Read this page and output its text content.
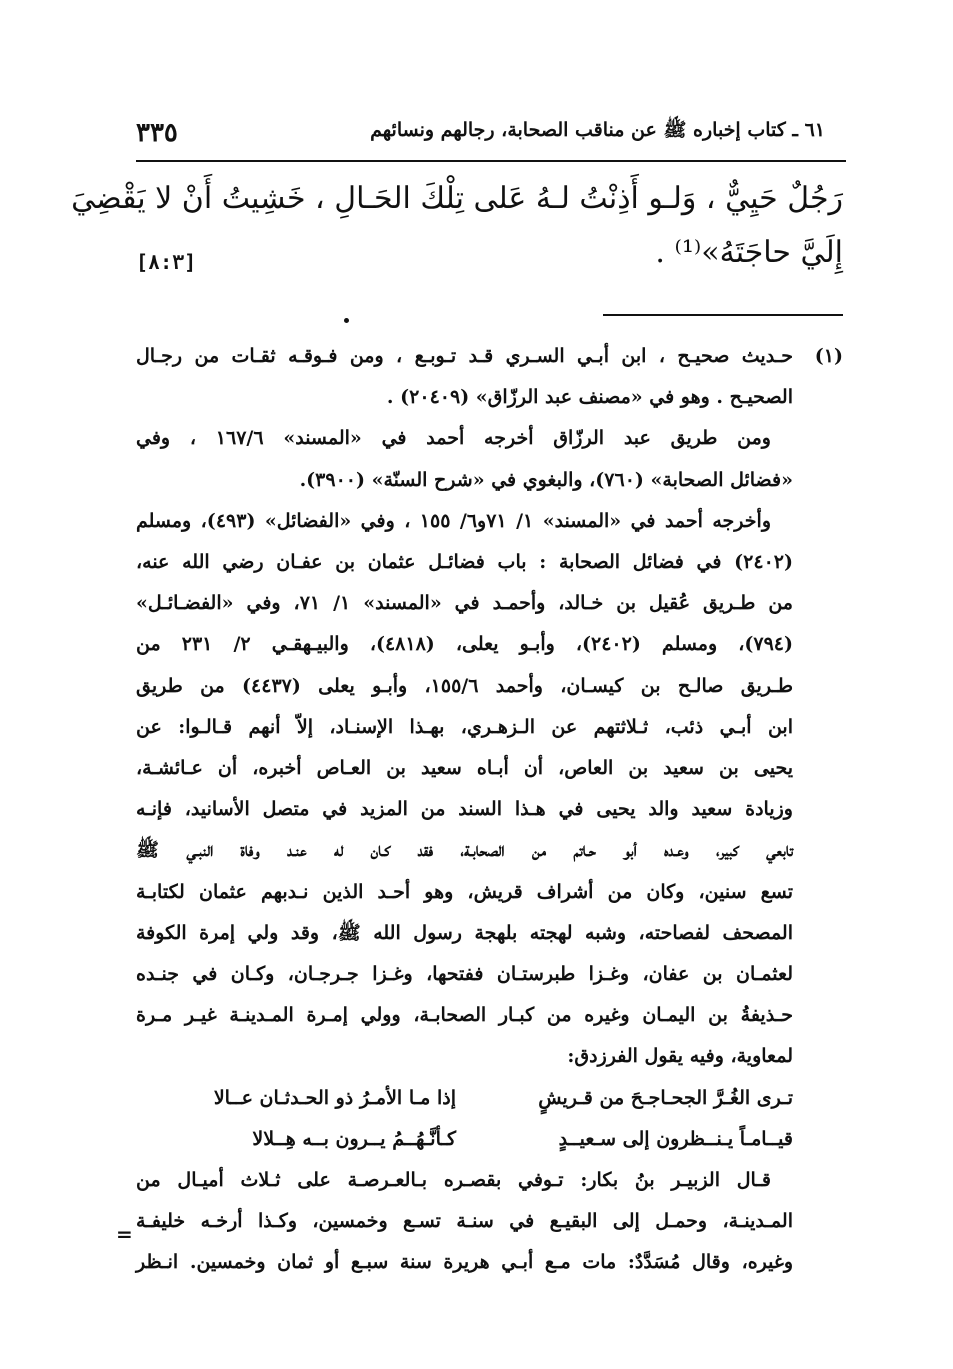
٣٣٥	٦١ ـ كتاب إخباره ﷺ عن مناقب الصحابة، رجالهم ونسائهم
رَجُلٌ حَيِيٌّ ، وَلـو أَذِنْتُ لـهُ عَلى تِلْكَ الحَـالِ ، خَشِيتُ أَنْ لا يَقْضِيَ
إِلَيَّ حاجَتَهُ»⁽¹⁾ .
[٨:٣]
(١)
حـديث صحيـح ، ابن أبـي السـري قـد تـوبـع ، ومن فـوقـه ثقـات من رجـال
الصحيـح . وهو في «مصنف عبد الرزّاق» (٢٠٤٠٩) .
ومن طريق عبد الرزّاق أخرجه أحمد في «المسند» ١٦٧/٦ ، وفي
«فضائل الصحابة» (٧٦٠)، والبغوي في «شرح السنّة» (٣٩٠٠).
وأخرجه أحمد في «المسند» ١/ ٧١و٦/ ١٥٥ ، وفي «الفضائل» (٤٩٣)، ومسلم
(٢٤٠٢) في فضائل الصحابة : باب فضائـل عثمان بن عفـان رضي الله عنه،
من طـريق عُقيل بن خـالد، وأحمـد في «المسند» ١/ ٧١، وفي «الفضـائـل»
(٧٩٤)، ومسلم (٢٤٠٢)، وأبـو يعلى، (٤٨١٨)، والبيـهقـي ٢/ ٢٣١ من
طـريق صالـح بن كيسـان، وأحمد ١٥٥/٦، وأبـو يعلى (٤٤٣٧) من طريق
ابن أبـي ذئب، ثـلاثتهم عن الـزهـري، بهـذا الإسنـاد، إلاّ أنهم قـالـوا: عن
يحيى بن سعيد بن العاص، أن أبـاه سعيد بن العـاص أخبره، أن عـائشـة،
وزيادة سعيد والد يحيى في هـذا السند من المزيد في متصل الأسانيد، فإنـه
تابعي كبير، وعـده أبو حـاتم من الصحابـة، فقد كـان له عنـد وفاة النبـي ﷺ
تسع سنين، وكان من أشراف قريش، وهو أحـد الذين نـدبهم عثمان لكتابـة
المصحف لفصاحته، وشبه لهجته بلهجة رسول الله ﷺ، وقد ولي إمرة الكوفة
لعثمـان بن عفان، وغـزا طبرستـان ففتحها، وغـزا جـرجـان، وكـان في جنـده
حـذيفةُ بن اليمـان وغيره من كبـار الصحابـة، وولي إمـرة المـدينـة غيـر مـرة
لمعاوية، وفيه يقول الفرزدق:
تـرى الغُـرَّ الجحـاجـحَ من قـريشٍ
إذا مـا الأمـرُ ذو الحـدثـان عــالا
قيــامـاً يـنــظرون إلى سـعيــدٍ
كـأنَّـهُــمُ يــرون بــه هِــلالا
قـال الزبيـر بنُ بكار: تـوفي بقصـره بـالعـرصـة على ثـلاث أميـال من
المـدينـة، وحمـل إلى البقيـع في سنـة تسـع وخمسين، وكـذا أرخـه خليفـة
وغيره، وقال مُسَدَّدٌ: مات مـع أبـي هريرة سنة سبـع أو ثمان وخمسين. انـظر
=
